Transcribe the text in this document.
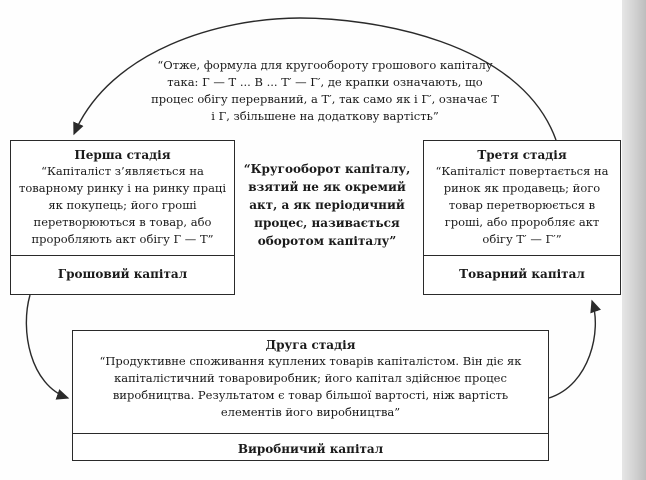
“Отже, формула для кругообороту грошового капіталу така: Г — Т ... В ... Т′ — Г′, де крапки означають, що процес обігу перерваний, а Т′, так само як і Г′, означає Т і Г, збільшене на додаткову вартість”
“Кругооборот капіталу, взятий не як окремий акт, а як періодичний процес, називається оборотом капіталу”
Перша стадія
“Капіталіст з’являється на товарному ринку і на ринку праці як покупець; його гроші перетворюються в товар, або проробляють акт обігу Г — Т”
Грошовий капітал
Третя стадія
“Капіталіст повертається на ринок як продавець; його товар перетворюється в гроші, або проробляє акт обігу Т′ — Г′”
Товарний капітал
Друга стадія
“Продуктивне споживання куплених товарів капіталістом. Він діє як капіталістичний товаровиробник; його капітал здійснює процес виробництва. Результатом є товар більшої вартості, ніж вартість елементів його виробництва”
Виробничий капітал
